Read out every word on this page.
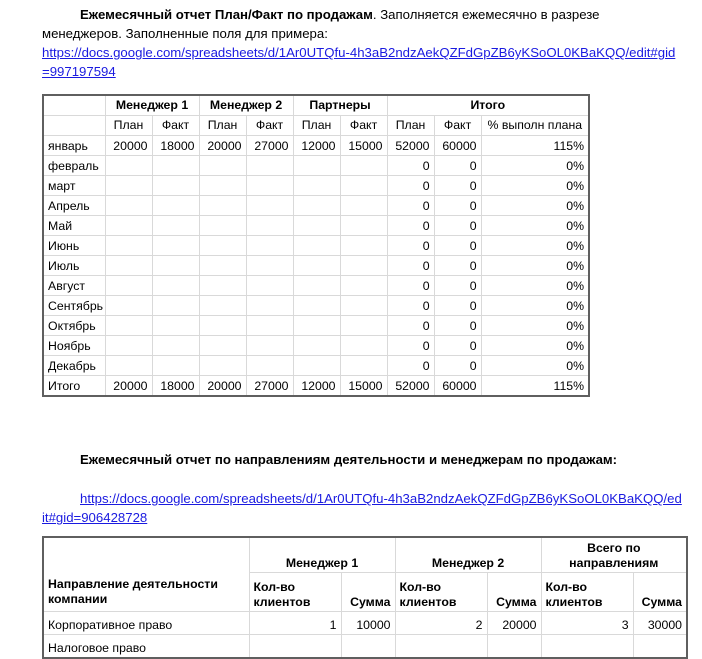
Ежемесячный отчет План/Факт по продажам. Заполняется ежемесячно в разрезе менеджеров. Заполненные поля для примера:

https://docs.google.com/spreadsheets/d/1Ar0UTQfu-4h3aB2ndzAekQZFdGpZB6yKSoOL0KBaKQQ/edit#gid=997197594
	Менеджер 1		Менеджер 2		Партнеры		Итого		
	План	Факт	План	Факт	План	Факт	План	Факт	% выполн плана
январь	20000	18000	20000	27000	12000	15000	52000	60000	115%
февраль							0	0	0%
март							0	0	0%
Апрель							0	0	0%
Май							0	0	0%
Июнь							0	0	0%
Июль							0	0	0%
Август							0	0	0%
Сентябрь							0	0	0%
Октябрь							0	0	0%
Ноябрь							0	0	0%
Декабрь							0	0	0%
Итого	20000	18000	20000	27000	12000	15000	52000	60000	115%

Ежемесячный отчет по направлениям деятельности и менеджерам по продажам:

https://docs.google.com/spreadsheets/d/1Ar0UTQfu-4h3aB2ndzAekQZFdGpZB6yKSoOL0KBaKQQ/edit#gid=906428728
Направление деятельности компании	Менеджер 1		Менеджер 2		Всего по направлениям	
	Кол-во клиентов	Сумма	Кол-во клиентов	Сумма	Кол-во клиентов	Сумма
Корпоративное право	1	10000	2	20000	3	30000
Налоговое право						
